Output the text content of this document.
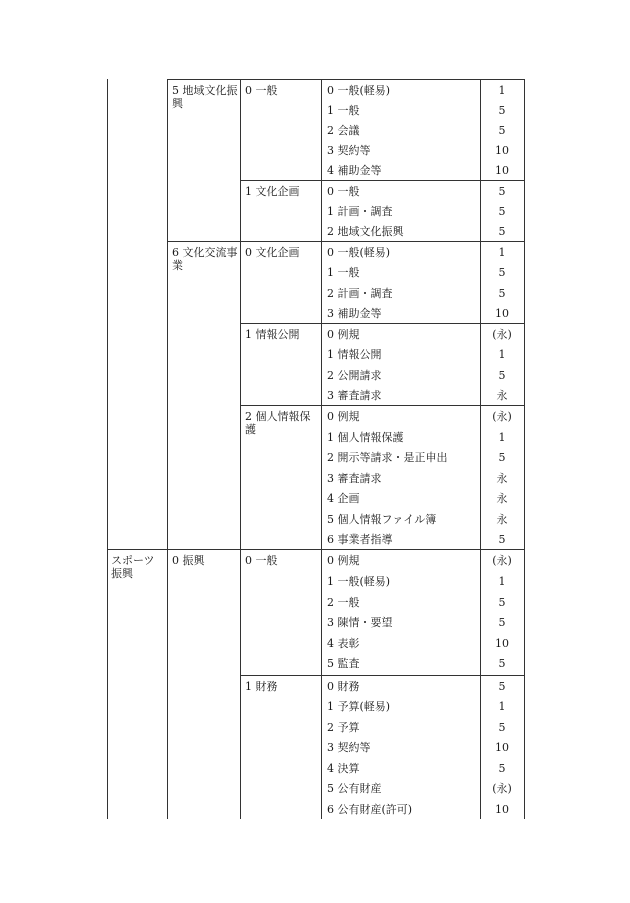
スポーツ振興
5 地域文化振興
6 文化交流事業
0 振興
0 一般
1 文化企画
0 文化企画
1 情報公開
2 個人情報保護
0 一般
1 財務
0 一般(軽易)
1 一般
2 会議
3 契約等
4 補助金等
0 一般
1 計画・調査
2 地域文化振興
0 一般(軽易)
1 一般
2 計画・調査
3 補助金等
0 例規
1 情報公開
2 公開請求
3 審査請求
0 例規
1 個人情報保護
2 開示等請求・是正申出
3 審査請求
4 企画
5 個人情報ファイル簿
6 事業者指導
0 例規
1 一般(軽易)
2 一般
3 陳情・要望
4 表彰
5 監査
0 財務
1 予算(軽易)
2 予算
3 契約等
4 決算
5 公有財産
6 公有財産(許可)
1
5
5
10
10
5
5
5
1
5
5
10
(永)
1
5
永
(永)
1
5
永
永
永
5
(永)
1
5
5
10
5
5
1
5
10
5
(永)
10
